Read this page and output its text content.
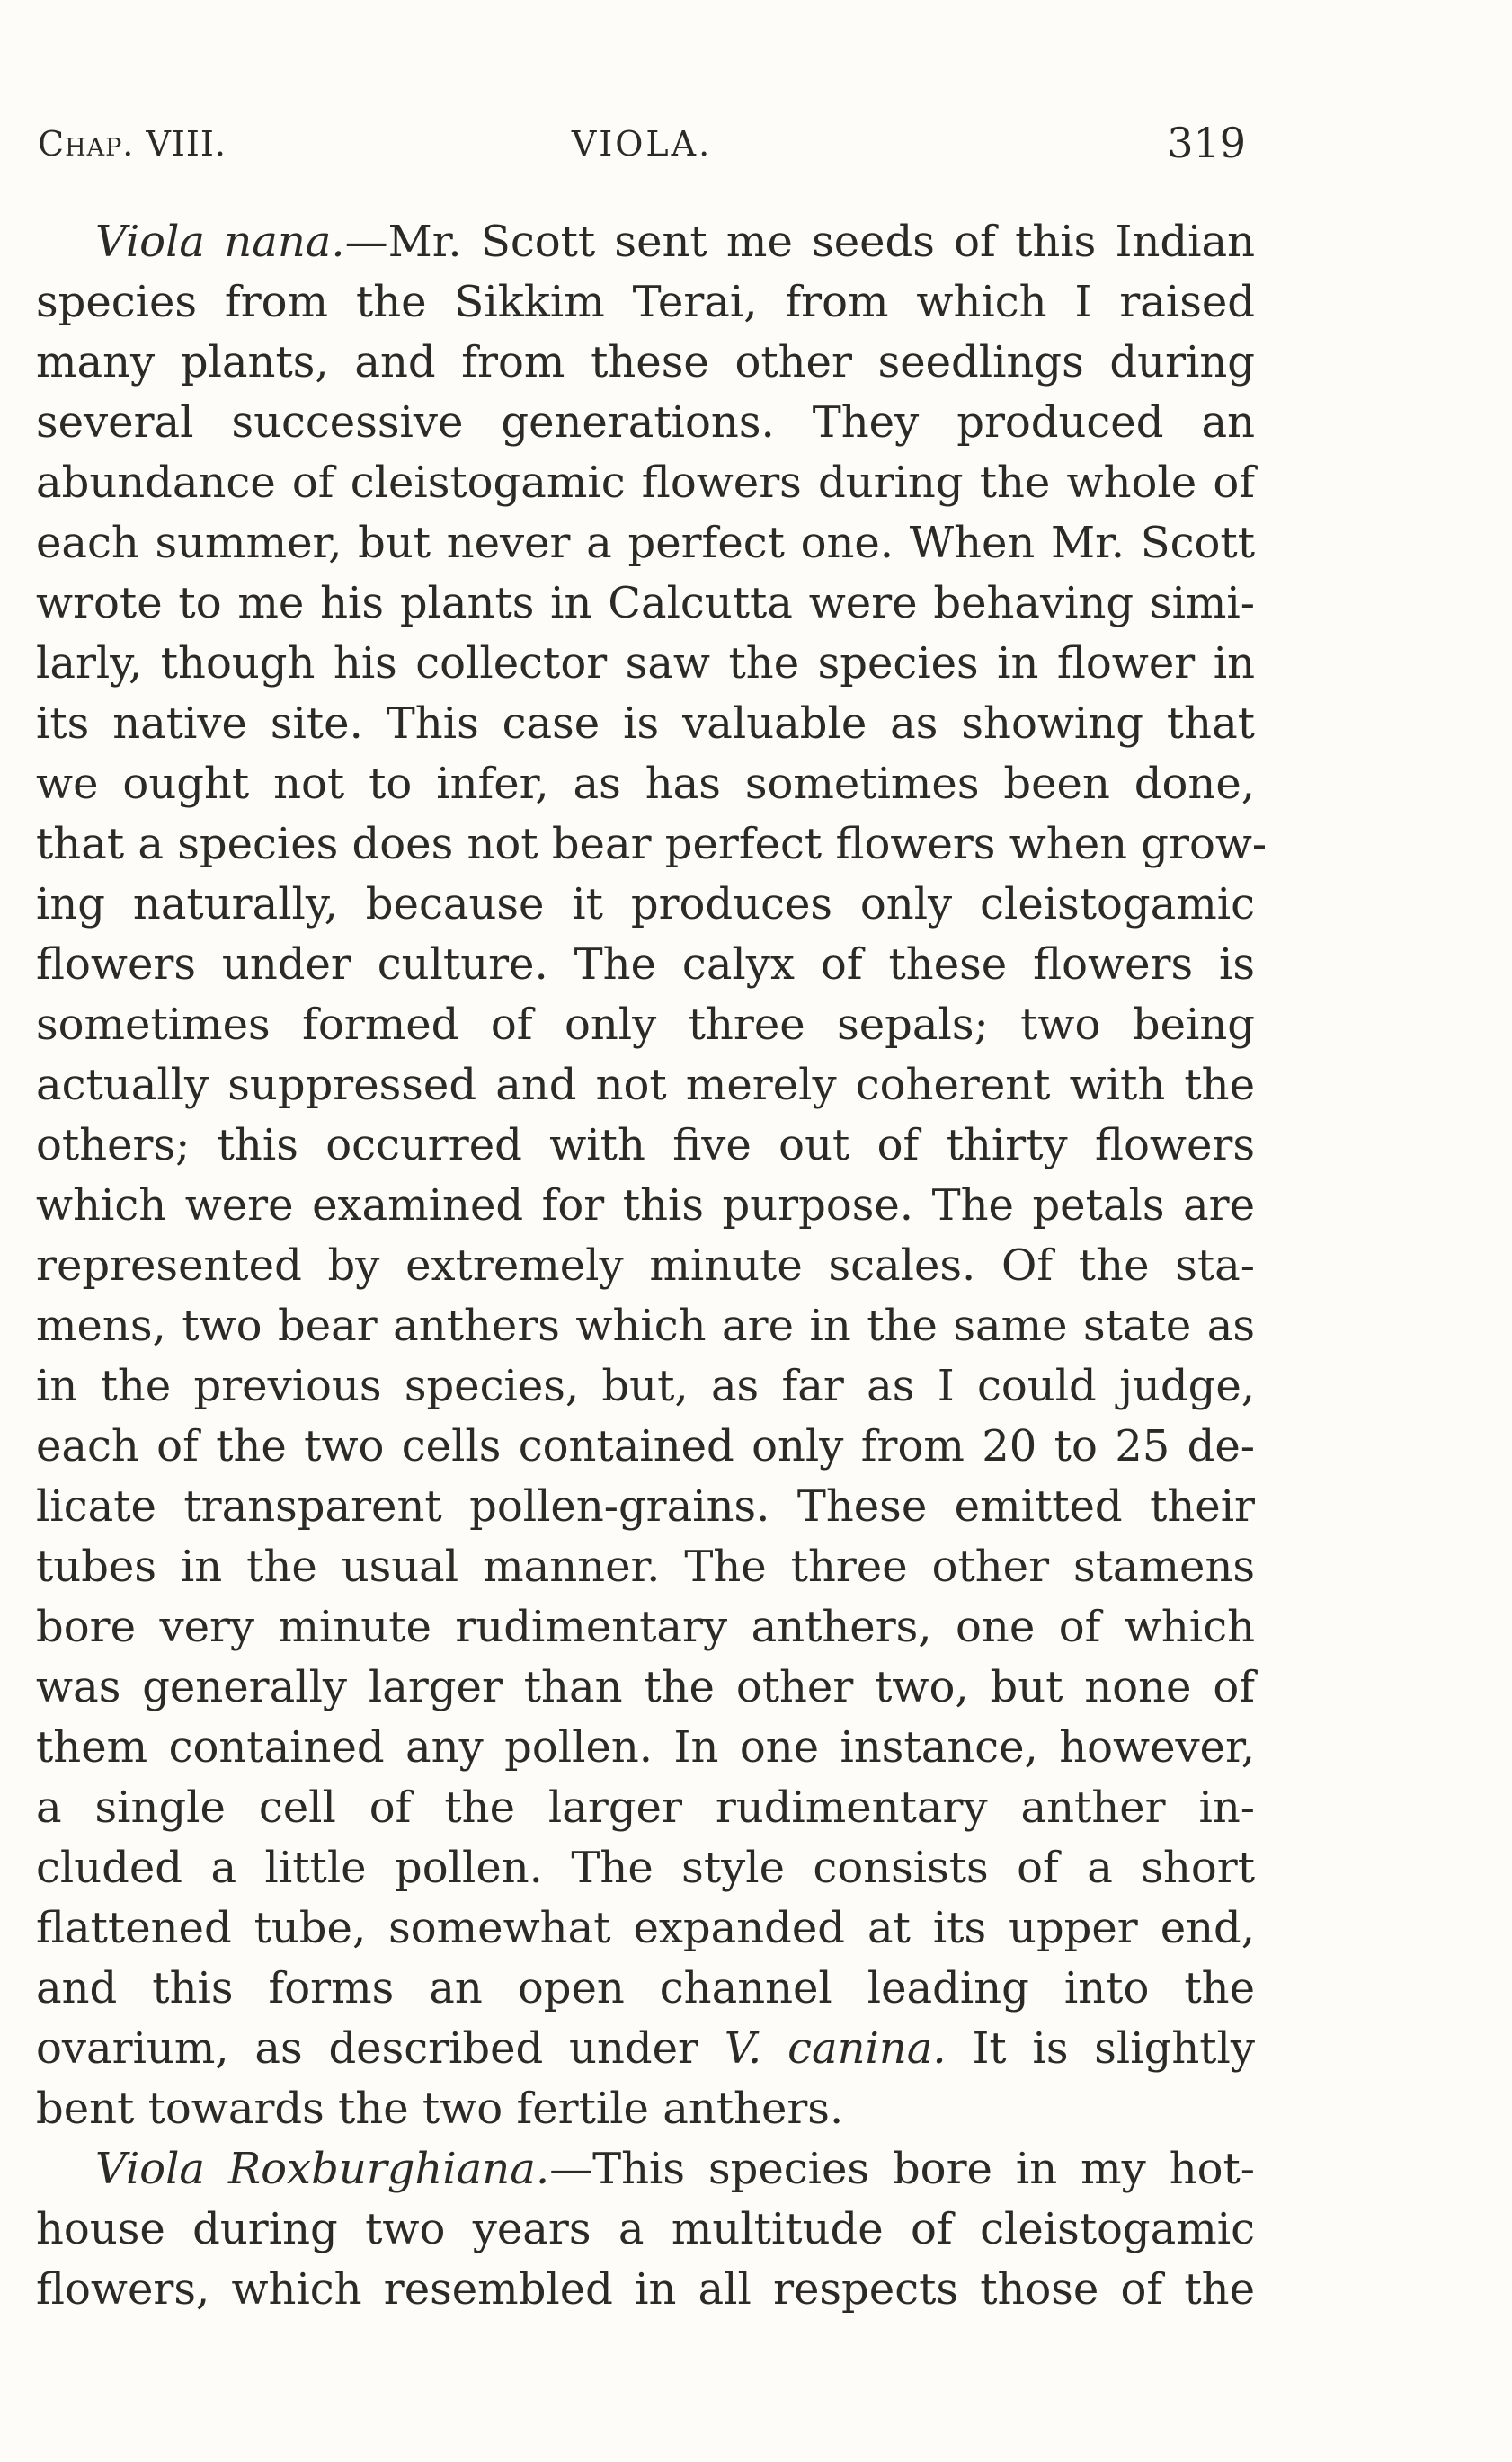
Chap. VIII.	VIOLA.	319
Viola nana.—Mr. Scott sent me seeds of this Indian
species from the Sikkim Terai, from which I raised
many plants, and from these other seedlings during
several successive generations. They produced an
abundance of cleistogamic flowers during the whole of
each summer, but never a perfect one. When Mr. Scott
wrote to me his plants in Calcutta were behaving simi-
larly, though his collector saw the species in flower in
its native site. This case is valuable as showing that
we ought not to infer, as has sometimes been done,
that a species does not bear perfect flowers when grow-
ing naturally, because it produces only cleistogamic
flowers under culture. The calyx of these flowers is
sometimes formed of only three sepals; two being
actually suppressed and not merely coherent with the
others; this occurred with five out of thirty flowers
which were examined for this purpose. The petals are
represented by extremely minute scales. Of the sta-
mens, two bear anthers which are in the same state as
in the previous species, but, as far as I could judge,
each of the two cells contained only from 20 to 25 de-
licate transparent pollen-grains. These emitted their
tubes in the usual manner. The three other stamens
bore very minute rudimentary anthers, one of which
was generally larger than the other two, but none of
them contained any pollen. In one instance, however,
a single cell of the larger rudimentary anther in-
cluded a little pollen. The style consists of a short
flattened tube, somewhat expanded at its upper end,
and this forms an open channel leading into the
ovarium, as described under V. canina. It is slightly
bent towards the two fertile anthers.
Viola Roxburghiana.—This species bore in my hot-
house during two years a multitude of cleistogamic
flowers, which resembled in all respects those of the
